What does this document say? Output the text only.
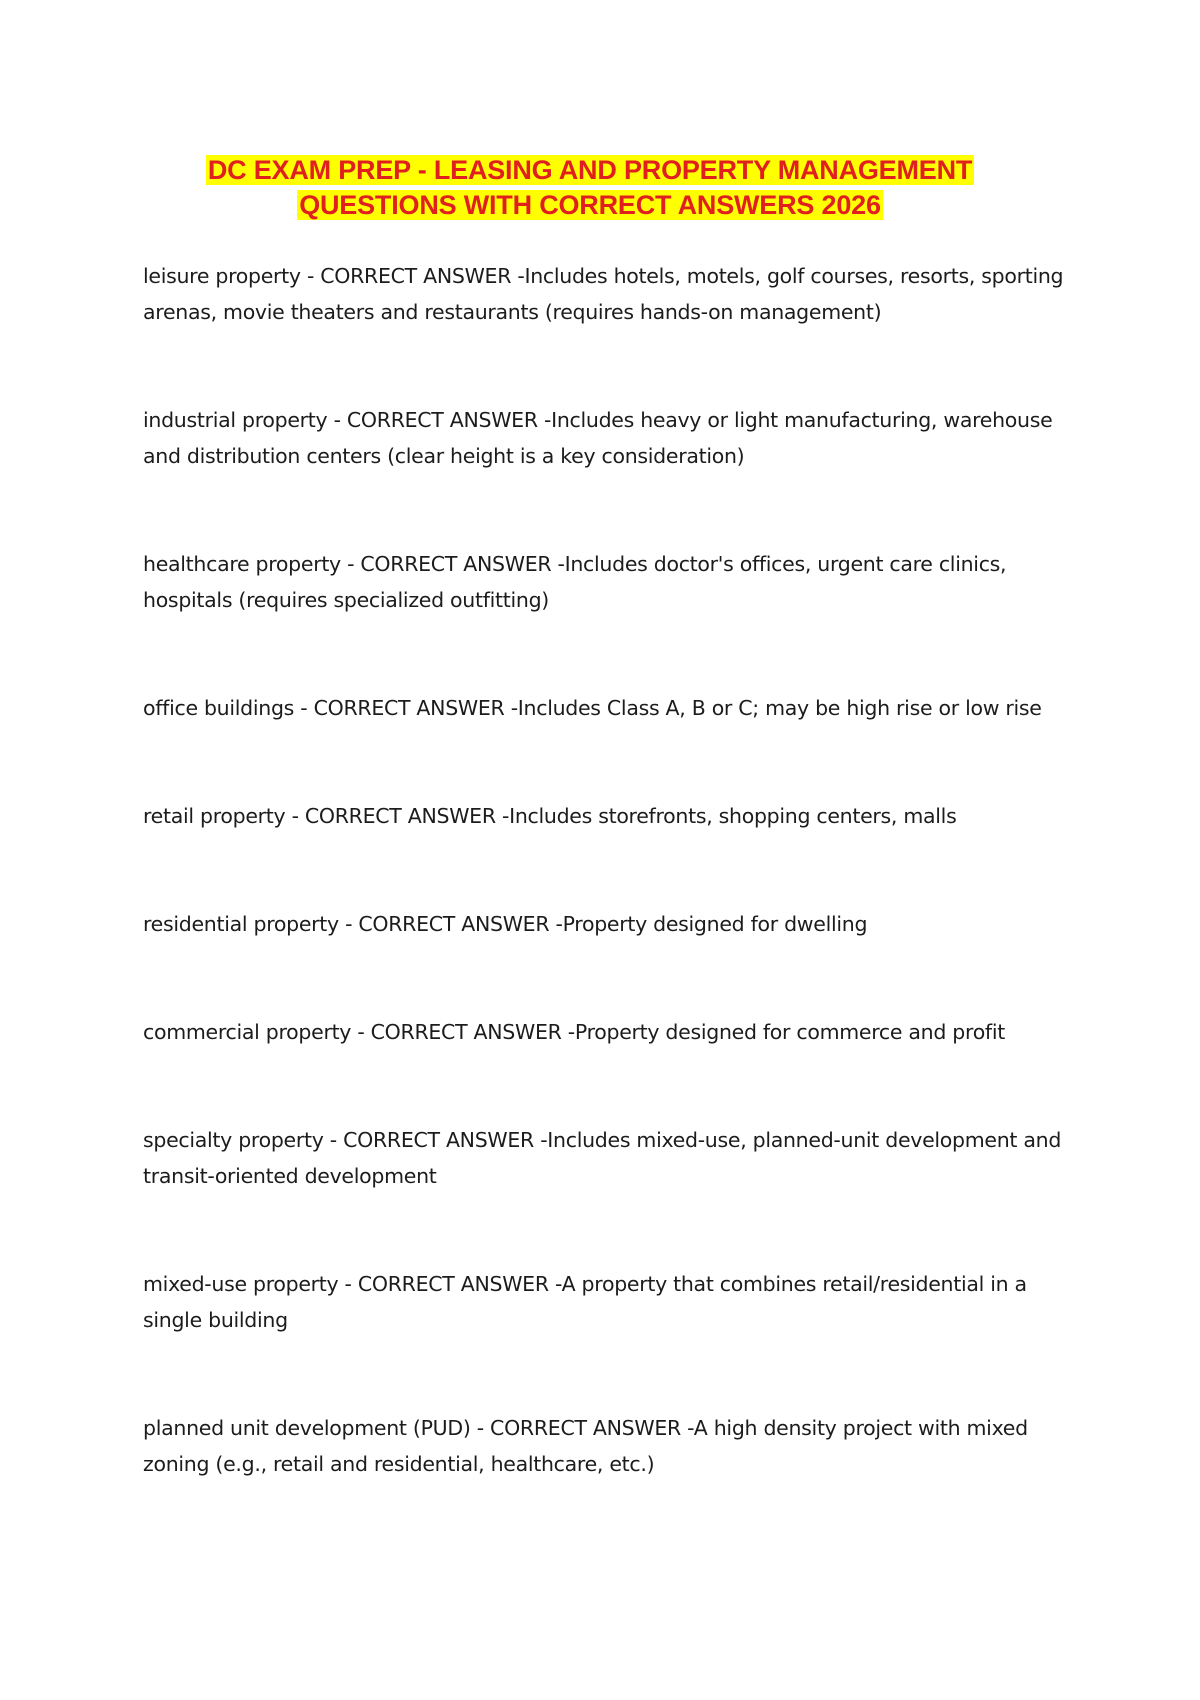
DC EXAM PREP - LEASING AND PROPERTY MANAGEMENT
QUESTIONS WITH CORRECT ANSWERS 2026
leisure property - CORRECT ANSWER -Includes hotels, motels, golf courses, resorts, sporting arenas, movie theaters and restaurants (requires hands-on management)
industrial property - CORRECT ANSWER -Includes heavy or light manufacturing, warehouse and distribution centers (clear height is a key consideration)
healthcare property - CORRECT ANSWER -Includes doctor's offices, urgent care clinics, hospitals (requires specialized outfitting)
office buildings - CORRECT ANSWER -Includes Class A, B or C; may be high rise or low rise
retail property - CORRECT ANSWER -Includes storefronts, shopping centers, malls
residential property - CORRECT ANSWER -Property designed for dwelling
commercial property - CORRECT ANSWER -Property designed for commerce and profit
specialty property - CORRECT ANSWER -Includes mixed-use, planned-unit development and transit-oriented development
mixed-use property - CORRECT ANSWER -A property that combines retail/residential in a single building
planned unit development (PUD) - CORRECT ANSWER -A high density project with mixed zoning (e.g., retail and residential, healthcare, etc.)
